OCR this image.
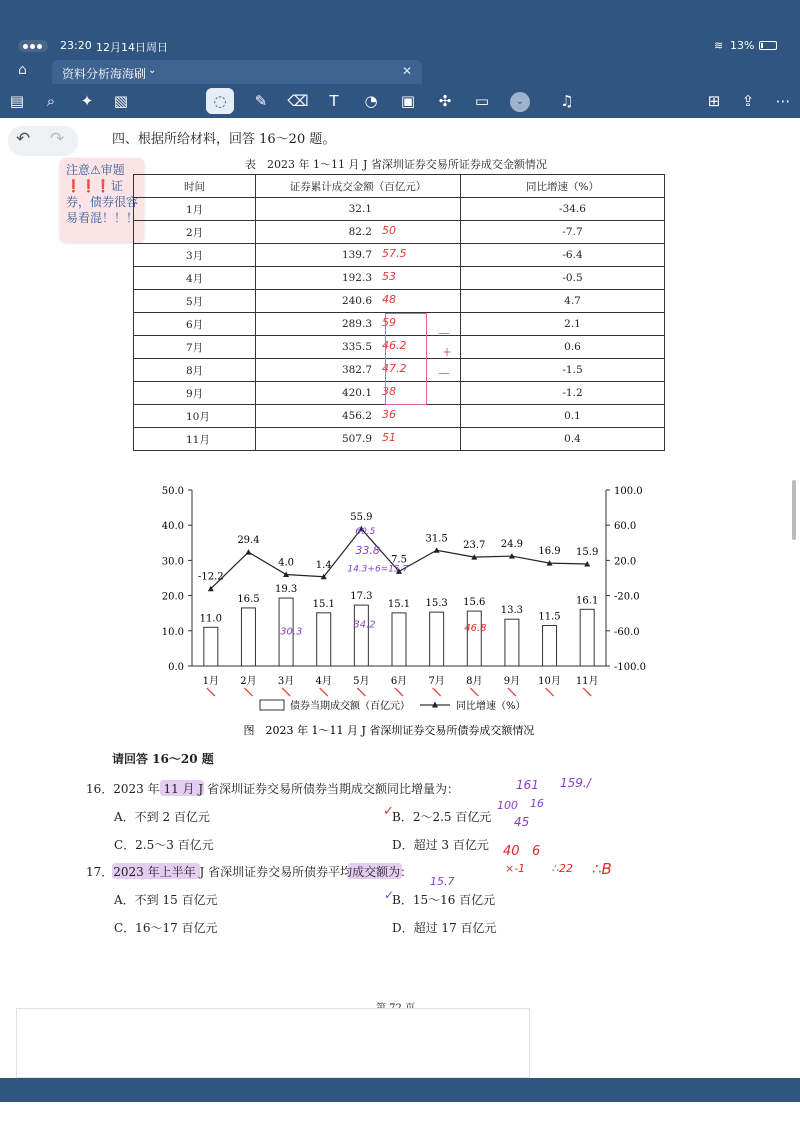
23:20 12月14日周日	≋ 13%
⌂	资料分析海海刷 ⌄	✕
▤	⌕	✦	▧	◌	✎	⌫	T	◔ ▣	✣	▭	⌄	♫	⊞	⇪	⋯
↶ ↷	四、根据所给材料，回答 16～20 题。
注意⚠审题❗❗❗证券，债券很容易看混！！！
表　2023 年 1～11 月 J 省深圳证券交易所证券成交金额情况
时间	证券累计成交金额（百亿元）	同比增速（%）
1月	32.1	-34.6
2月	82.2 50	-7.7
3月	139.7 57.5	-6.4
4月	192.3 53	-0.5
5月	240.6 48	4.7
6月	289.3 59	2.1
7月	335.5 46.2	0.6
8月	382.7 47.2	-1.5
9月	420.1 38	-1.2
10月	456.2 36	0.1
11月	507.9 51	0.4
—
+
—
50.0
40.0
30.0
20.0
10.0
0.0
100.0
60.0
20.0
-20.0
-60.0
-100.0
11.0
16.5
19.3
15.1
17.3
15.1 15.3 15.6
13.3
11.5
16.1
-12.2
29.4
4.0 1.4
55.9
7.5
31.5
23.7 24.9
16.9 15.9
1月 2月 3月 4月 5月 6月 7月 8月 9月 10月 11月
债券当期成交额（百亿元）	同比增速（%）
图　2023 年 1～11 月 J 省深圳证券交易所债券成交额情况
60.5
33.8
14.3+6=15.7
30.3
34.2	46.8
请回答 16～20 题
16．2023 年 11 月 J 省深圳证券交易所债券当期成交额同比增量为：
A．不到 2 百亿元	B．2～2.5 百亿元
C．2.5～3 百亿元	D．超过 3 百亿元
✓
161 159./
100 16
45
40 6
×-1 ∴22 ∴B
17．2023 年上半年 J 省深圳证券交易所债券平均成交额为：
A．不到 15 百亿元	B．15～16 百亿元
C．16～17 百亿元	D．超过 17 百亿元
✓
15.7
